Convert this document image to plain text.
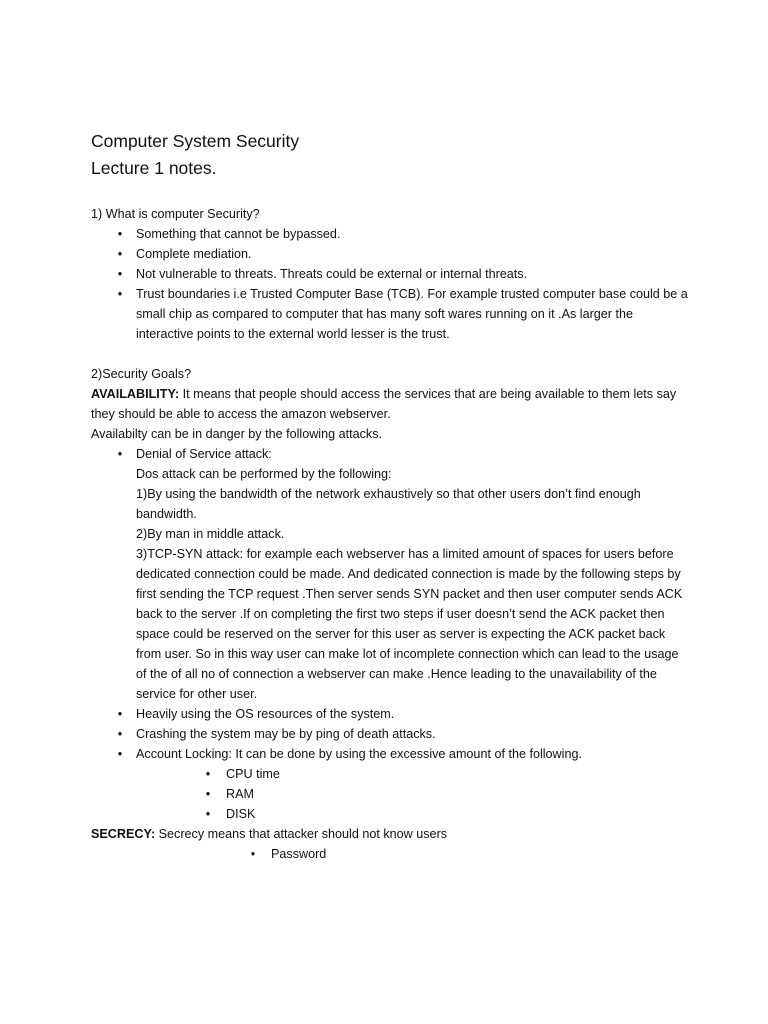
Computer System Security
Lecture 1 notes.

1) What is computer Security?

• Something that cannot be bypassed.
• Complete mediation.
• Not vulnerable to threats. Threats could be external or internal threats.
• Trust boundaries i.e Trusted Computer Base (TCB). For example trusted computer base could be a small chip as compared to computer that has many soft wares running on it .As larger the interactive points to the external world lesser is the trust.

2)Security Goals?

AVAILABILITY: It means that people should access the services that are being available to them lets say they should be able to access the amazon webserver.

Availabilty can be in danger by the following attacks.

• Denial of Service attack:
Dos attack can be performed by the following:
1)By using the bandwidth of the network exhaustively so that other users don’t find enough bandwidth.
2)By man in middle attack.
3)TCP-SYN attack: for example each webserver has a limited amount of spaces for users before dedicated connection could be made. And dedicated connection is made by the following steps by first sending the TCP request .Then server sends SYN packet and then user computer sends ACK back to the server .If on completing the first two steps if user doesn’t send the ACK packet then space could be reserved on the server for this user as server is expecting the ACK packet back from user. So in this way user can make lot of incomplete connection which can lead to the usage of the of all no of connection a webserver can make .Hence leading to the unavailability of the service for other user.
• Heavily using the OS resources of the system.
• Crashing the system may be by ping of death attacks.
• Account Locking: It can be done by using the excessive amount of the following.
• CPU time
• RAM
• DISK

SECRECY: Secrecy means that attacker should not know users

• Password
